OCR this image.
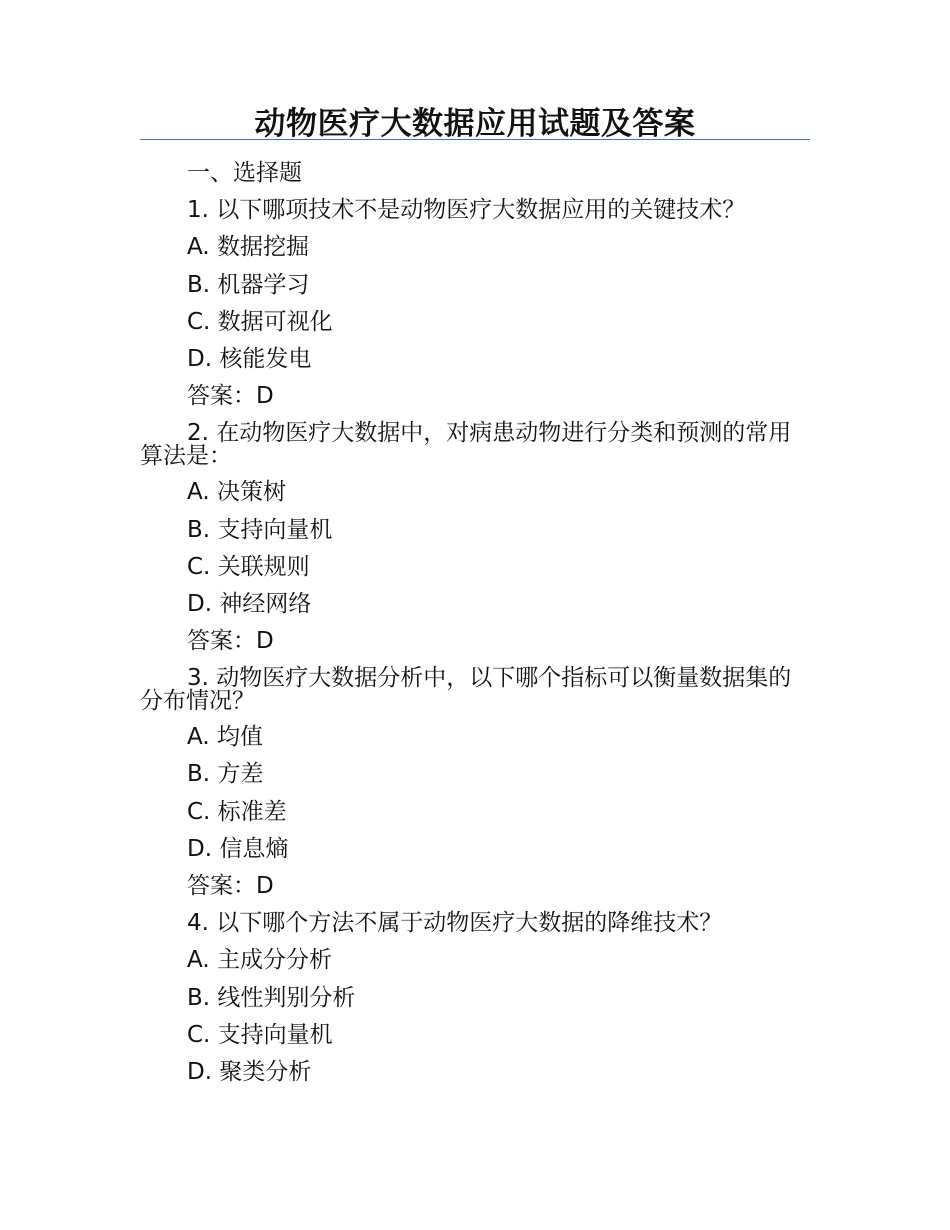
动物医疗大数据应用试题及答案
一、选择题
1. 以下哪项技术不是动物医疗大数据应用的关键技术？
A. 数据挖掘
B. 机器学习
C. 数据可视化
D. 核能发电
答案：D
2. 在动物医疗大数据中，对病患动物进行分类和预测的常用算法是：
A. 决策树
B. 支持向量机
C. 关联规则
D. 神经网络
答案：D
3. 动物医疗大数据分析中，以下哪个指标可以衡量数据集的分布情况？
A. 均值
B. 方差
C. 标准差
D. 信息熵
答案：D
4. 以下哪个方法不属于动物医疗大数据的降维技术？
A. 主成分分析
B. 线性判别分析
C. 支持向量机
D. 聚类分析
